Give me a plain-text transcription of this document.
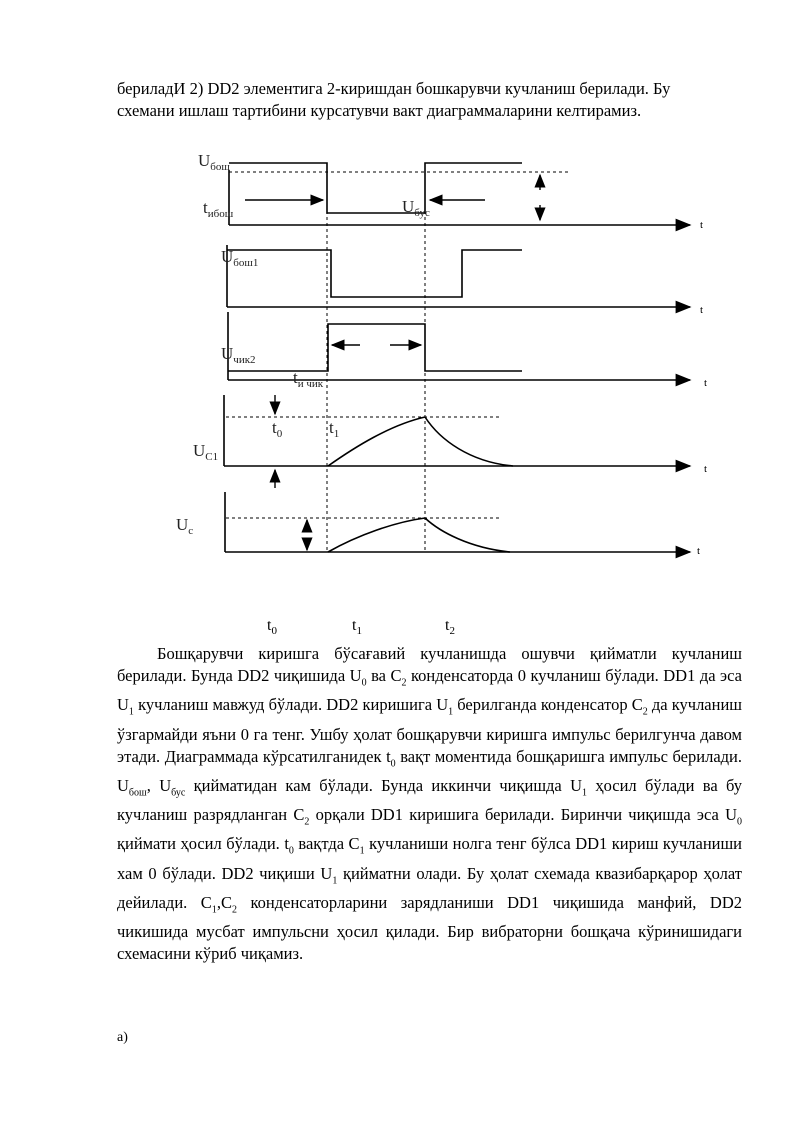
бериладИ 2) DD2 элементига 2-киришдан бошкарувчи кучланиш берилади. Бу
схемани ишлаш тартибини курсатувчи вакт диаграммаларини келтирамиз.
$U_{бош}$
$t_{ибош}$	$U_{бус}$
$U_{бош1}$
$U_{чик2}$
$t_{и чик}$
$t_0$	$t_1$
$U_{C1}$
$U_с$
t
t
t
t
t
$t_0$	$t_1$	$t_2$
Бошқарувчи киришга бўсағавий кучланишда ошувчи қийматли кучланиш берилади. Бунда DD2 чиқишида $U_0$ ва $C_2$ конденсаторда 0 кучланиш бўлади. DD1 да эса $U_1$ кучланиш мавжуд бўлади. DD2 киришига $U_1$ берилганда конденсатор $C_2$ да кучланиш ўзгармайди яъни 0 га тенг. Ушбу ҳолат бошқарувчи киришга импульс берилгунча давом этади. Диаграммада кўрсатилганидек $t_0$ вақт моментида бошқаришга импульс берилади. $U_{бош}$, $U_{бус}$ қийматидан кам бўлади. Бунда иккинчи чиқишда $U_1$ ҳосил бўлади ва бу кучланиш разрядланган $C_2$ орқали DD1 киришига берилади. Биринчи чиқишда эса $U_0$ қиймати ҳосил бўлади. $t_0$ вақтда $C_1$ кучланиши нолга тенг бўлса DD1 кириш кучланиши хам 0 бўлади. DD2 чиқиши $U_1$ қийматни олади. Бу ҳолат схемада квазибарқарор ҳолат дейилади. $C_1,C_2$ конденсаторларини зарядланиши DD1 чиқишида манфий, DD2 чикишида мусбат импульсни ҳосил қилади. Бир вибраторни бошқача кўринишидаги схемасини кўриб чиқамиз.
а)
